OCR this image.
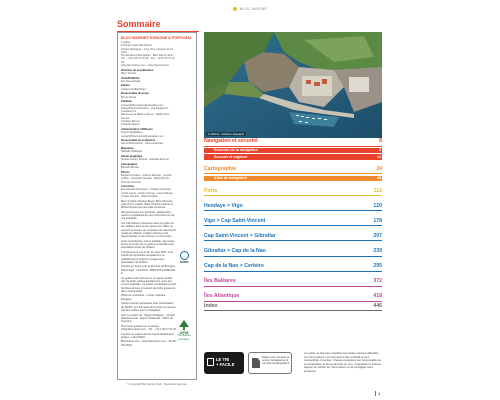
BLOC MARINE
Sommaire
BLOC MARINE® ESPAGNE & PORTUGAL
7 édition
Prochain ensemble-Moteur
Projets Nautiques - 14 E, Rue Jacques de 13 3070
56 Hennebont Montpellier - Bloc Marine SAS
Tél. : +33 2 45 47 42 46 - Fax : +33 2 45 47 42 49
www.blocmarine.com - www.blocmarine.fr
Direction de la publication
Marc Tourdot
Vente/Publicité
Eric Dourte/Gaël
Edition
Charles Guiffard/Yann
Responsable de projet
Bruno Aloiwe
Publicité
contact@blocmarine@wanadoo.com
Nadia Ribeiro Etchebert - Léa Regalinoto Leballera & Il
Étienne de la Maison-Neuve - Nalika Puts-Henriot
Christine Bocz A
Charlotte Repert
Administration / Diffusion
Sophie Rigalhaton - contact@blocmarine@wanadoo.com
Responsable de production
Hervé Buttecharne - Olivia Jeskenko
Maquettes
Nathalie Mirabeau
Studio graphique
Amélie Lefranc Bonnal - Nathalie Bourron
Cartographie
Barbara Benais
Photos
Benjamin Hubert - Fabrice Meunier - Sophie Guillon - Dorothée Chastre - Marie Bosca - Thomas Jenvrain
Correction
Emmanuelle Rodriguez - Philippe Chamber - Cécile Lainel - Gisèle Frémau - Hervé Biscay - Coralie Renaud - Maïté Nordine

Merci à Marie-Thérèse Boyer, Brice Mouchet, Jean-Pierre Cadiot, Marie-Christine Dubois et Michel Peyrat pour leur aide précieuse.

Remerciements aux pêcheurs, plaisanciers, marins et capitaines de port rencontrés lors de nos enquêtes.

Les informations contenues dans ce guide ont été vérifiées avec le plus grand soin. Elles ne peuvent en aucun cas remplacer les documents nautiques officiels. L'éditeur décline toute responsabilité en cas d'erreur ou d'omission.

Toute reproduction, même partielle, des cartes, textes et photos de ce guide est interdite sans autorisation écrite de l'éditeur.

Conformément à la loi du 11 mars 1957, il est interdit de reproduire intégralement ou partiellement le présent ouvrage sans autorisation de l'éditeur.

Imprimé en France par Imprimerie de Bretagne - Dépôt légal : avril 2019 - ISBN 978-2-9158-000-0.

Ce guide a été imprimé sur un papier certifié issu de forêts gérées durablement, avec des encres végétales. Ce papier est fabriqué à partir de fibres de bois provenant de forêts gérées de façon responsable.

Photo de couverture : Luarca, Asturies - Espagne.

Cartes marines reproduites avec l'autorisation du SHOM. Les éléments de la carte ne peuvent pas être utilisés pour la navigation.

Avec le soutien de : Région Bretagne - Conseil départemental - Agence Nationale - Office du Tourisme.

Pour toute question ou remarque : info@blocmarine.com - Tél. : +33 2 45 47 42 46.

Imprimé sur papier issu de forêts durablement gérées - Label PEFC.

Blocmarine.com : www.blocmarine.com - NF EN ISO 9001

SOON
UPM
The Biofore Company
© Copyright Bloc Marine SAS - Tous droits réservés
LUARCA - Asturies, Espagne
Navigation et sécurité	6
Essentiel de la navigation	6
Secours et urgence	16
Cartographie	24
Atlas de navigation	28
Ports	112
Hendaye > Vigo	120
Vigo > Cap Saint-Vincent	178
Cap Saint-Vincent > Gibraltar	207
Gibraltar > Cap de la Nao	239
Cap de la Nao > Cerbère	295
Îles Baléares	372
Îles Atlantique	418
Index	446
LE TRI
+ FACILE
Papier à trier. Ce guide se recycle. Consignes de tri sur www.consignesdetri.fr
Ce guide ne doit pas remplacer les cartes marines officielles. Les informations sont données à titre indicatif et sont susceptibles d'évoluer. Chaque navigateur est responsable de sa préparation et de sa sécurité en mer. Il appartient à chaque skipper de vérifier les informations et de s'engager avec prudence.
4
